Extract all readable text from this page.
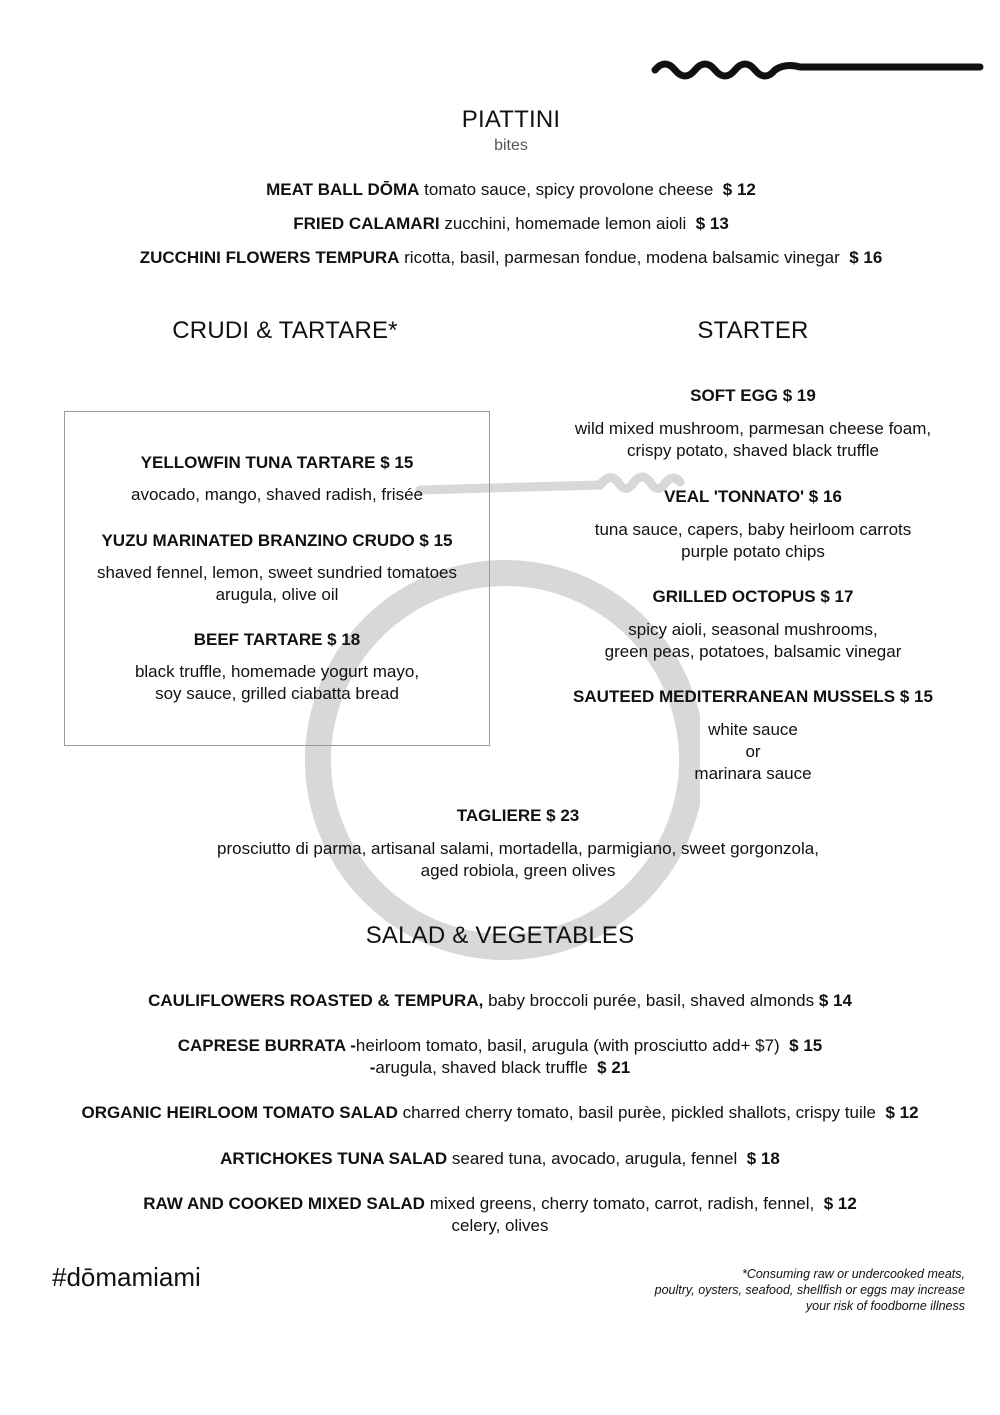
PIATTINI
bites
MEAT BALL DŌMA tomato sauce, spicy provolone cheese $ 12
FRIED CALAMARI zucchini, homemade lemon aioli $ 13
ZUCCHINI FLOWERS TEMPURA ricotta, basil, parmesan fondue, modena balsamic vinegar $ 16
CRUDI & TARTARE*
YELLOWFIN TUNA TARTARE $ 15
avocado, mango, shaved radish, frisée
YUZU MARINATED BRANZINO CRUDO $ 15
shaved fennel, lemon, sweet sundried tomatoes
arugula, olive oil
BEEF TARTARE $ 18
black truffle, homemade yogurt mayo,
soy sauce, grilled ciabatta bread
STARTER
SOFT EGG $ 19
wild mixed mushroom, parmesan cheese foam,
crispy potato, shaved black truffle
VEAL 'TONNATO' $ 16
tuna sauce, capers, baby heirloom carrots
purple potato chips
GRILLED OCTOPUS $ 17
spicy aioli, seasonal mushrooms,
green peas, potatoes, balsamic vinegar
SAUTEED MEDITERRANEAN MUSSELS $ 15
white sauce
or
marinara sauce
TAGLIERE $ 23
prosciutto di parma, artisanal salami, mortadella, parmigiano, sweet gorgonzola,
aged robiola, green olives
SALAD & VEGETABLES
CAULIFLOWERS ROASTED & TEMPURA, baby broccoli purée, basil, shaved almonds $ 14
CAPRESE BURRATA -heirloom tomato, basil, arugula (with prosciutto add+ $7) $ 15
-arugula, shaved black truffle $ 21
ORGANIC HEIRLOOM TOMATO SALAD charred cherry tomato, basil purèe, pickled shallots, crispy tuile $ 12
ARTICHOKES TUNA SALAD seared tuna, avocado, arugula, fennel $ 18
RAW AND COOKED MIXED SALAD mixed greens, cherry tomato, carrot, radish, fennel, $ 12
celery, olives
#dōmamiami	*Consuming raw or undercooked meats,
poultry, oysters, seafood, shellfish or eggs may increase
your risk of foodborne illness
